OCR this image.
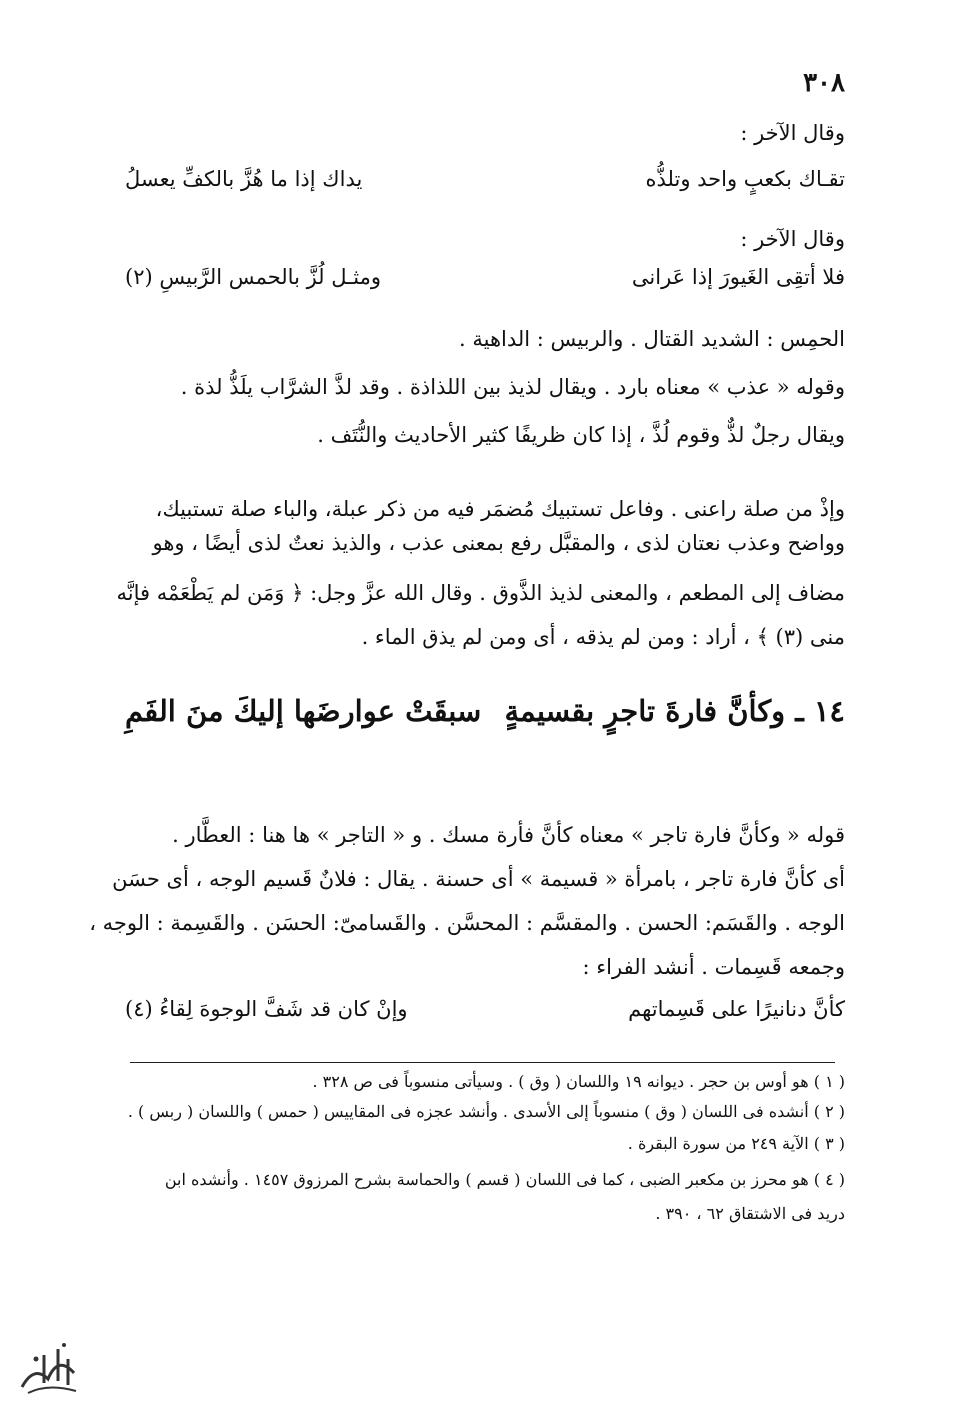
٣٠٨
وقال الآخر :
تقـاك بكعبٍ واحد وتلذُّه
يداك إذا ما هُزَّ بالكفِّ يعسلُ
وقال الآخر :
فلا أتقِى الغَيورَ إذا عَرانى
ومثـل لُزَّ بالحمس الرَّبيسِ (٢)
الحمِس : الشديد القتال . والربيس : الداهية .
وقوله « عذب » معناه بارد . ويقال لذيذ بين اللذاذة . وقد لذَّ الشرَّاب يلَذُّ لذة .
ويقال رجلٌ لذٌّ وقوم لُذَّ ، إذا كان ظريفًا كثير الأحاديث والنُّتَف .
وإذْ من صلة راعنى . وفاعل تستبيك مُضمَر فيه من ذكر عبلة، والباء صلة تستبيك،
وواضح وعذب نعتان لذى ، والمقبَّل رفع بمعنى عذب ، والذيذ نعتٌ لذى أيضًا ، وهو
مضاف إلى المطعم ، والمعنى لذيذ الذَّوق . وقال الله عزَّ وجل: ﴿ وَمَن لم يَطْعَمْه فإنَّه
منى (٣) ﴾ ، أراد : ومن لم يذقه ، أى ومن لم يذق الماء .
١٤ ـ وكأنَّ فارةَ تاجرٍ بقسيمةٍ
سبقَتْ عوارضَها إليكَ منَ الفَمِ
قوله « وكأنَّ فارة تاجر » معناه كأنَّ فأرة مسك . و « التاجر » ها هنا : العطَّار .
أى كأنَّ فارة تاجر ، بامرأة « قسيمة » أى حسنة . يقال : فلانٌ قَسيم الوجه ، أى حسَن
الوجه . والقَسَم: الحسن . والمقسَّم : المحسَّن . والقَسامىّ: الحسَن . والقَسِمة : الوجه ،
وجمعه قَسِمات . أنشد الفراء :
كأنَّ دنانيرًا على قَسِماتهم
وإنْ كان قد شَفَّ الوجوهَ لِقاءُ (٤)
( ١ ) هو أوس بن حجر . ديوانه ١٩ واللسان ( وق ) . وسيأتى منسوباً فى ص ٣٢٨ .
( ٢ ) أنشده فى اللسان ( وق ) منسوباً إلى الأسدى . وأنشد عجزه فى المقاييس ( حمس ) واللسان ( ربس ) .
( ٣ ) الآية ٢٤٩ من سورة البقرة .
( ٤ ) هو محرز بن مكعبر الضبى ، كما فى اللسان ( قسم ) والحماسة بشرح المرزوق ١٤٥٧ . وأنشده ابن
دريد فى الاشتقاق ٦٢ ، ٣٩٠ .
